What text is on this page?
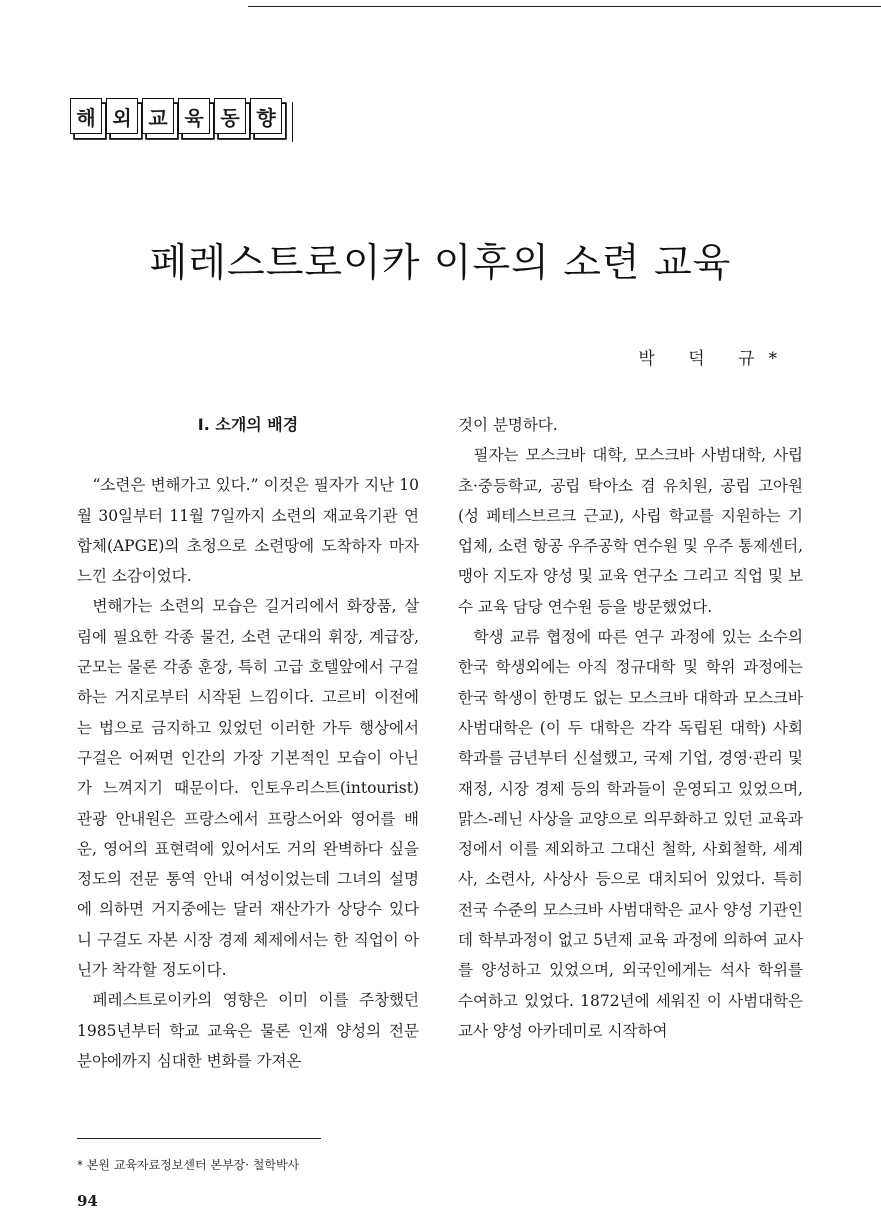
해 외 교 육 동 향
페레스트로이카 이후의 소련 교육
박 덕 규*
Ⅰ. 소개의 배경

“소련은 변해가고 있다.” 이것은 필자가 지난 10월 30일부터 11월 7일까지 소련의 재교육기관 연합체(APGE)의 초청으로 소련땅에 도착하자 마자 느낀 소감이었다.

변해가는 소련의 모습은 길거리에서 화장품, 살림에 필요한 각종 물건, 소련 군대의 휘장, 계급장, 군모는 물론 각종 훈장, 특히 고급 호텔앞에서 구걸하는 거지로부터 시작된 느낌이다. 고르비 이전에는 법으로 금지하고 있었던 이러한 가두 행상에서 구걸은 어쩌면 인간의 가장 기본적인 모습이 아닌가 느껴지기 때문이다. 인토우리스트(intourist) 관광 안내원은 프랑스에서 프랑스어와 영어를 배운, 영어의 표현력에 있어서도 거의 완벽하다 싶을 정도의 전문 통역 안내 여성이었는데 그녀의 설명에 의하면 거지중에는 달러 재산가가 상당수 있다니 구걸도 자본 시장 경제 체제에서는 한 직업이 아닌가 착각할 정도이다.

페레스트로이카의 영향은 이미 이를 주창했던 1985년부터 학교 교육은 물론 인재 양성의 전문 분야에까지 심대한 변화를 가져온

것이 분명하다.

필자는 모스크바 대학, 모스크바 사범대학, 사립 초·중등학교, 공립 탁아소 겸 유치원, 공립 고아원(성 페테스브르크 근교), 사립 학교를 지원하는 기업체, 소련 항공 우주공학 연수원 및 우주 통제센터, 맹아 지도자 양성 및 교육 연구소 그리고 직업 및 보수 교육 담당 연수원 등을 방문했었다.

학생 교류 협정에 따른 연구 과정에 있는 소수의 한국 학생외에는 아직 정규대학 및 학위 과정에는 한국 학생이 한명도 없는 모스크바 대학과 모스크바 사범대학은 (이 두 대학은 각각 독립된 대학) 사회학과를 금년부터 신설했고, 국제 기업, 경영·관리 및 재정, 시장 경제 등의 학과들이 운영되고 있었으며, 맑스-레닌 사상을 교양으로 의무화하고 있던 교육과정에서 이를 제외하고 그대신 철학, 사회철학, 세계사, 소련사, 사상사 등으로 대치되어 있었다. 특히 전국 수준의 모스크바 사범대학은 교사 양성 기관인데 학부과정이 없고 5년제 교육 과정에 의하여 교사를 양성하고 있었으며, 외국인에게는 석사 학위를 수여하고 있었다. 1872년에 세워진 이 사범대학은 교사 양성 아카데미로 시작하여

* 본원 교육자료정보센터 본부장· 철학박사
94
